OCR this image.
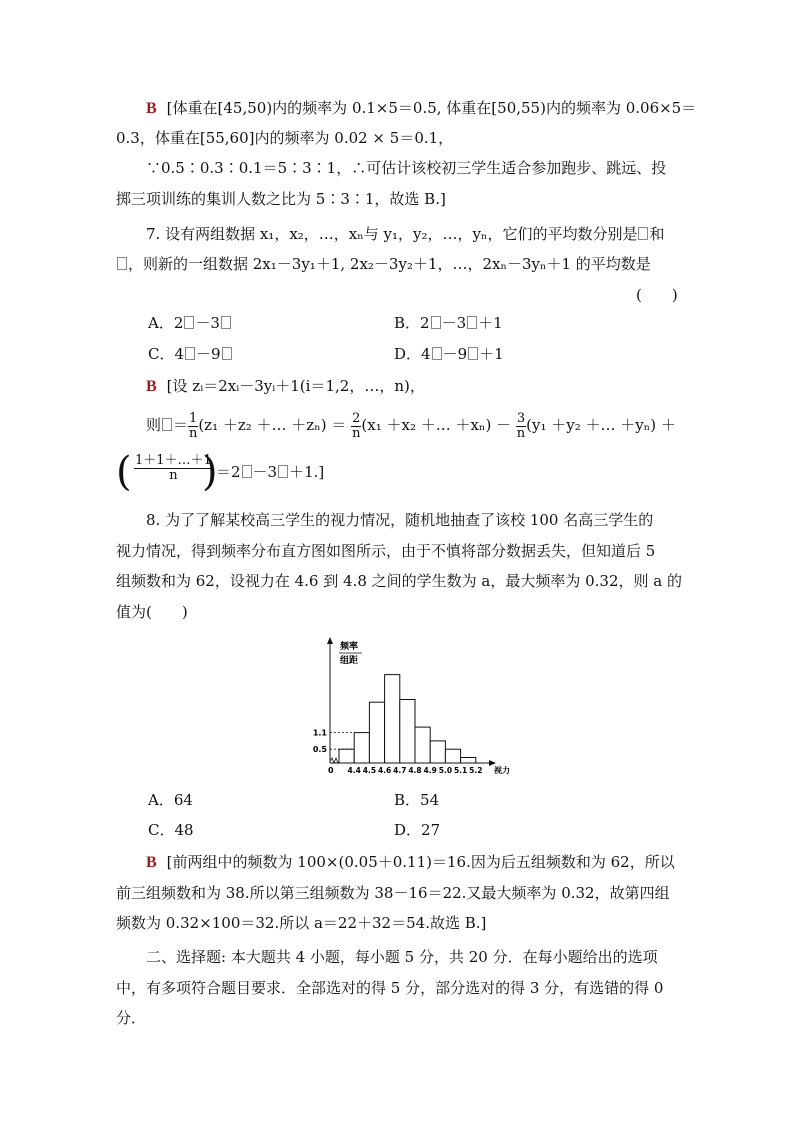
B [体重在[45,50)内的频率为 0.1×5＝0.5, 体重在[50,55)内的频率为 0.06×5＝
0.3，体重在[55,60]内的频率为 0.02 × 5＝0.1，
∵0.5∶0.3∶0.1＝5∶3∶1，∴可估计该校初三学生适合参加跑步、跳远、投
掷三项训练的集训人数之比为 5∶3∶1，故选 B.]
7. 设有两组数据 x₁，x₂，…，xₙ与 y₁，y₂，…，yₙ，它们的平均数分别是 和
，则新的一组数据 2x₁－3y₁＋1, 2x₂－3y₂＋1，…，2xₙ－3yₙ＋1 的平均数是
(　　)
A．2 －3	B．2 －3 ＋1
C．4 －9	D．4 －9 ＋1
B [设 zᵢ＝2xᵢ－3yᵢ＋1(i＝1,2，…，n)，
则 ＝ $\frac{1}{n} (z_1 +z_2$ ＋… $+z_n) = \frac{2}{n} (x_1 +x_2$ ＋… $+x_n) - \frac{3}{n} (y_1 +y_2$ ＋… ＋yₙ) ＋
( $\frac{1+1+\dots+1}{n}$
)
＝2 －3 ＋1.]
8. 为了了解某校高三学生的视力情况，随机地抽查了该校 100 名高三学生的
视力情况，得到频率分布直方图如图所示，由于不慎将部分数据丢失，但知道后 5
组频数和为 62，设视力在 4.6 到 4.8 之间的学生数为 a，最大频率为 0.32，则 a 的
值为(　　)
频率
组距
0	视力
4.4 4.5 4.6 4.7 4.8 4.9 5.0 5.1 5.2
0.5
1.1
A．64	B．54
C．48	D．27
B [前两组中的频数为 100×(0.05＋0.11)＝16.因为后五组频数和为 62，所以
前三组频数和为 38.所以第三组频数为 38－16＝22.又最大频率为 0.32，故第四组
频数为 0.32×100＝32.所以 a＝22＋32＝54.故选 B.]
二、选择题: 本大题共 4 小题，每小题 5 分，共 20 分．在每小题给出的选项
中，有多项符合题目要求．全部选对的得 5 分，部分选对的得 3 分，有选错的得 0
分．
